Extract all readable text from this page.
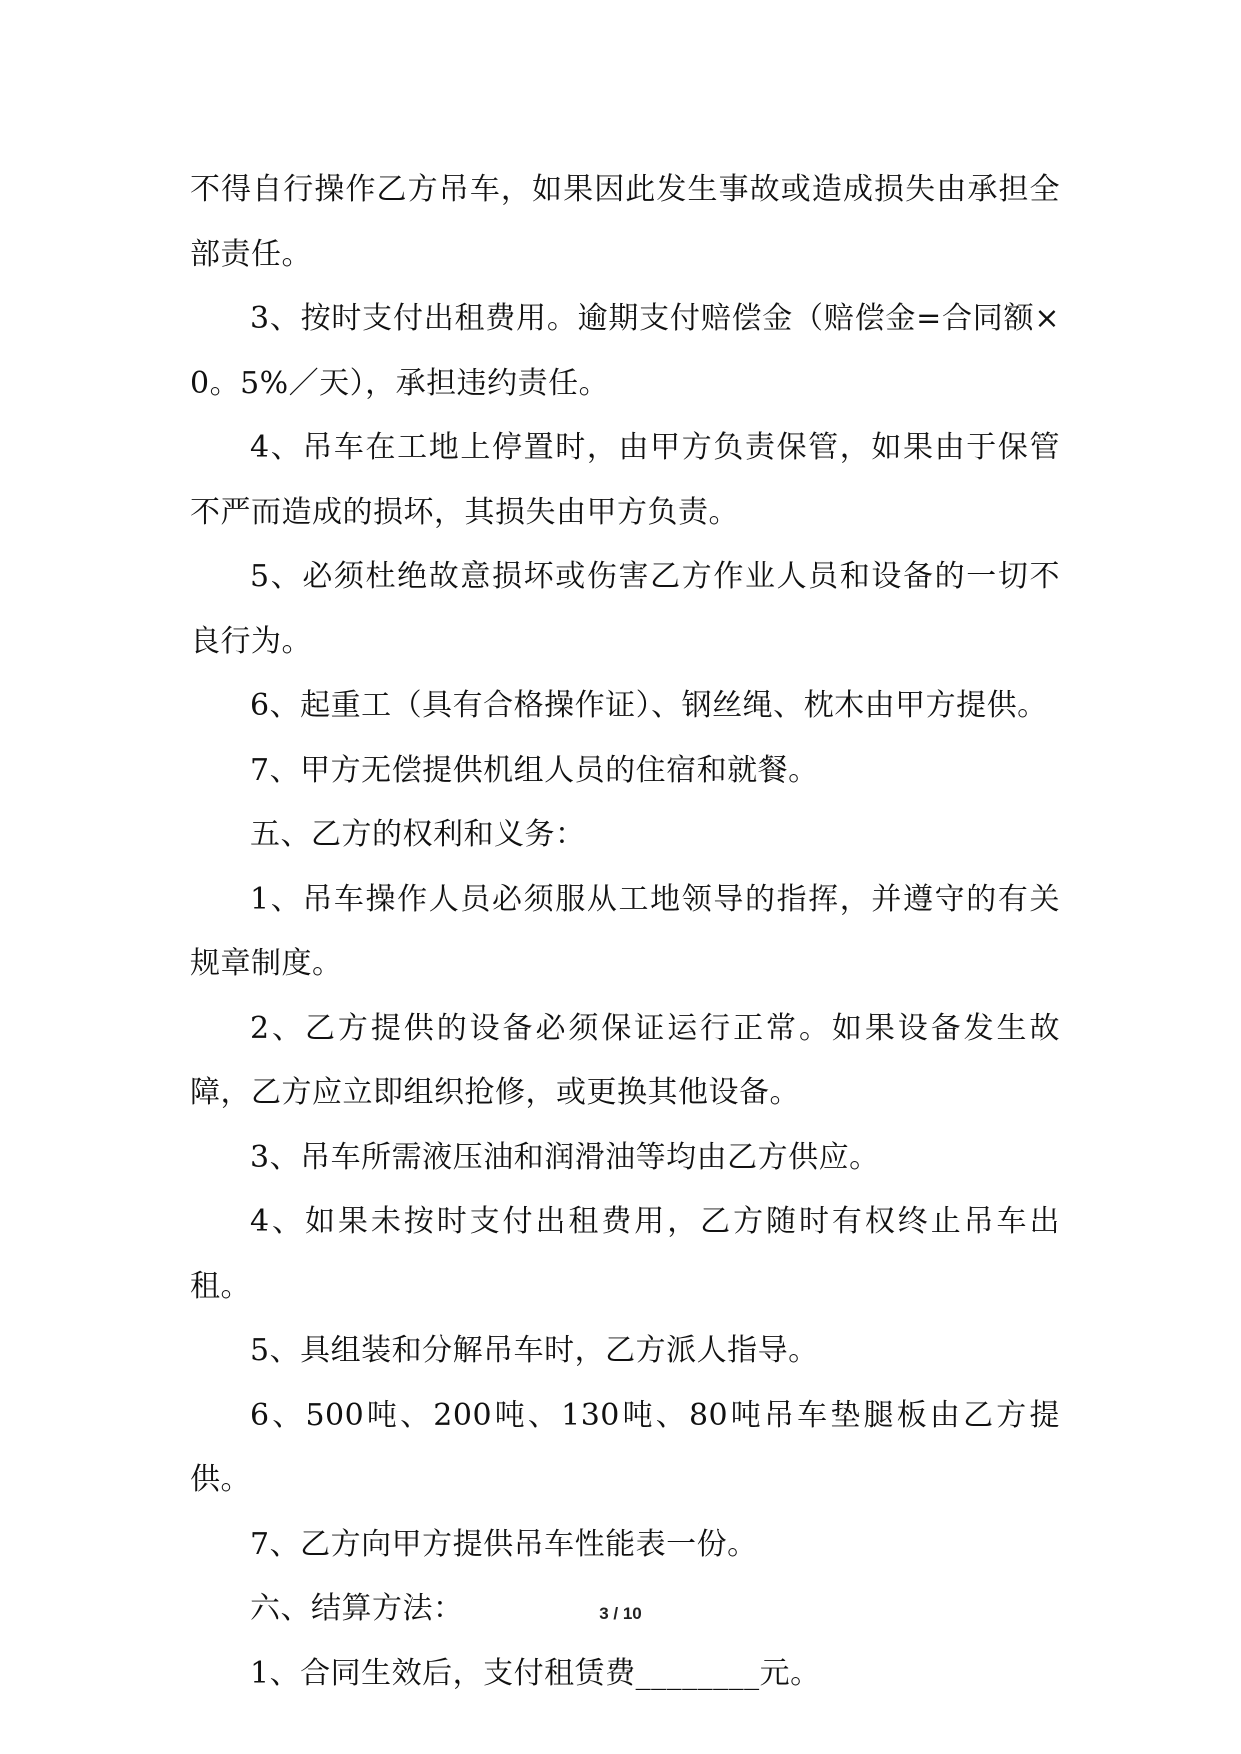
不得自行操作乙方吊车，如果因此发生事故或造成损失由承担全部责任。

3、按时支付出租费用。逾期支付赔偿金（赔偿金=合同额×0。5%／天），承担违约责任。

4、吊车在工地上停置时，由甲方负责保管，如果由于保管不严而造成的损坏，其损失由甲方负责。

5、必须杜绝故意损坏或伤害乙方作业人员和设备的一切不良行为。

6、起重工（具有合格操作证）、钢丝绳、枕木由甲方提供。

7、甲方无偿提供机组人员的住宿和就餐。

五、乙方的权利和义务：

1、吊车操作人员必须服从工地领导的指挥，并遵守的有关规章制度。

2、乙方提供的设备必须保证运行正常。如果设备发生故障，乙方应立即组织抢修，或更换其他设备。

3、吊车所需液压油和润滑油等均由乙方供应。

4、如果未按时支付出租费用，乙方随时有权终止吊车出租。

5、具组装和分解吊车时，乙方派人指导。

6、500吨、200吨、130吨、80吨吊车垫腿板由乙方提供。

7、乙方向甲方提供吊车性能表一份。

六、结算方法：

1、合同生效后，支付租赁费________元。

3 / 10
